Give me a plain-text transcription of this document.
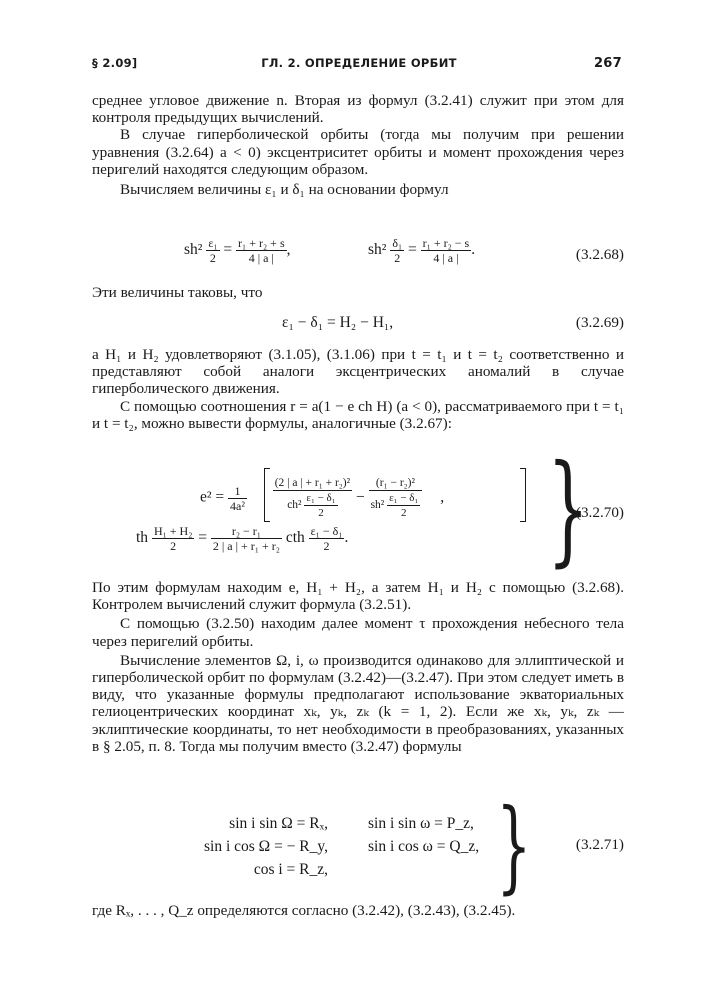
§ 2.09]	ГЛ. 2. ОПРЕДЕЛЕНИЕ ОРБИТ	267

среднее угловое движение n. Вторая из формул (3.2.41) служит при этом для контроля предыдущих вычислений.

В случае гиперболической орбиты (тогда мы получим при решении уравнения (3.2.64) a < 0) эксцентриситет орбиты и момент прохождения через перигелий находятся следующим образом.

Вычисляем величины ε₁ и δ₁ на основании формул

$sh^2 \frac{\text{ε₁}}{2} = \frac{\text{r₁ + r₂ + s}}{4 | a |}$ ,	$sh^2 \frac{\text{δ₁}}{2} = \frac{\text{r₁ + r₂ − s}}{4 | a |}$ .	(3.2.68)

Эти величины таковы, что

ε₁ − δ₁ = H₂ − H₁,	(3.2.69)

а H₁ и H₂ удовлетворяют (3.1.05), (3.1.06) при t = t₁ и t = t₂ соответственно и представляют собой аналоги эксцентрических аномалий в случае гиперболического движения.

С помощью соотношения r = a(1 − e ch H) (a < 0), рассматриваемого при t = t₁ и t = t₂, можно вывести формулы, аналогичные (3.2.67):

$e^2 = \frac{1}{\text{4a²}}$
$\frac{\text{(2 | a | + r₁ + r₂)²}}{ch^2 \frac{\text{ε₁ − δ₁}}{2}} - \frac{\text{(r₁ − r₂)²}}{sh^2 \frac{\text{ε₁ − δ₁}}{2}}$ ,
th $\frac{\text{H₁ + H₂}}{2} = \frac{\text{r₂ − r₁}}{\text{2 | a | + r₁ + r₂}}$ cth $\frac{\text{ε₁ − δ₁}}{2}$ . }
(3.2.70)

По этим формулам находим e, H₁ + H₂, а затем H₁ и H₂ с помощью (3.2.68). Контролем вычислений служит формула (3.2.51).

С помощью (3.2.50) находим далее момент τ прохождения небесного тела через перигелий орбиты.

Вычисление элементов Ω, i, ω производится одинаково для эллиптической и гиперболической орбит по формулам (3.2.42)—(3.2.47). При этом следует иметь в виду, что указанные формулы предполагают использование экваториальных гелиоцентрических координат xₖ, yₖ, zₖ (k = 1, 2). Если же xₖ, yₖ, zₖ — эклиптические координаты, то нет необходимости в преобразованиях, указанных в § 2.05, п. 8. Тогда мы получим вместо (3.2.47) формулы

sin i sin Ω = Rₓ,
sin i cos Ω = − R_y,
cos i = R_z,
sin i sin ω = P_z,
sin i cos ω = Q_z, }	(3.2.71)

где Rₓ, . . . , Q_z определяются согласно (3.2.42), (3.2.43), (3.2.45).
